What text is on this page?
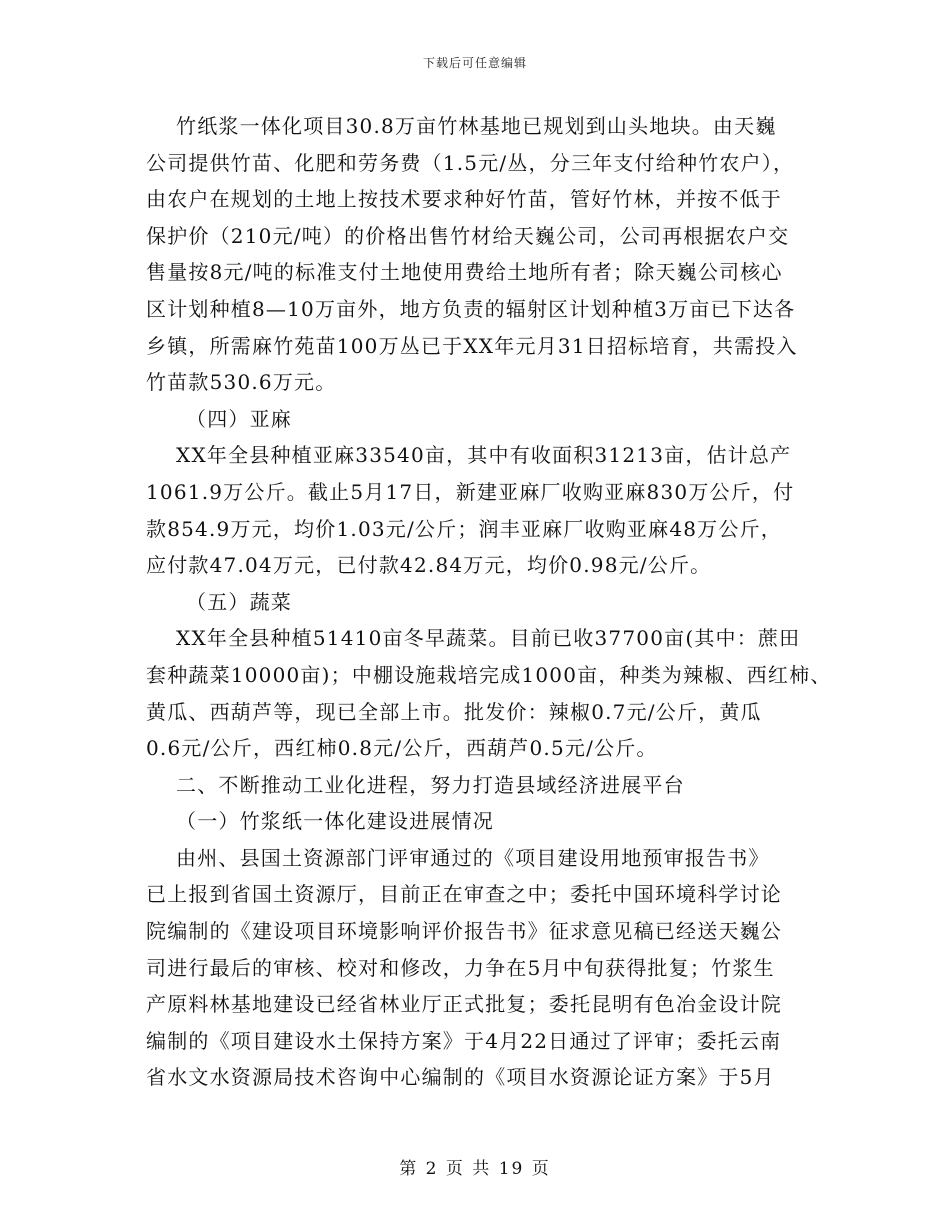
下载后可任意编辑
竹纸浆一体化项目30.8万亩竹林基地已规划到山头地块。由天巍
公司提供竹苗、化肥和劳务费（1.5元/丛，分三年支付给种竹农户），
由农户在规划的土地上按技术要求种好竹苗，管好竹林，并按不低于
保护价（210元/吨）的价格出售竹材给天巍公司，公司再根据农户交
售量按8元/吨的标准支付土地使用费给土地所有者；除天巍公司核心
区计划种植8—10万亩外，地方负责的辐射区计划种植3万亩已下达各
乡镇，所需麻竹苑苗100万丛已于XX年元月31日招标培育，共需投入
竹苗款530.6万元。
（四）亚麻
XX年全县种植亚麻33540亩，其中有收面积31213亩，估计总产
1061.9万公斤。截止5月17日，新建亚麻厂收购亚麻830万公斤，付
款854.9万元，均价1.03元/公斤；润丰亚麻厂收购亚麻48万公斤，
应付款47.04万元，已付款42.84万元，均价0.98元/公斤。
（五）蔬菜
XX年全县种植51410亩冬早蔬菜。目前已收37700亩(其中：蔗田
套种蔬菜10000亩)；中棚设施栽培完成1000亩，种类为辣椒、西红柿、
黄瓜、西葫芦等，现已全部上市。批发价：辣椒0.7元/公斤，黄瓜
0.6元/公斤，西红柿0.8元/公斤，西葫芦0.5元/公斤。
二、不断推动工业化进程，努力打造县域经济进展平台
（一）竹浆纸一体化建设进展情况
由州、县国土资源部门评审通过的《项目建设用地预审报告书》
已上报到省国土资源厅，目前正在审查之中；委托中国环境科学讨论
院编制的《建设项目环境影响评价报告书》征求意见稿已经送天巍公
司进行最后的审核、校对和修改，力争在5月中旬获得批复；竹浆生
产原料林基地建设已经省林业厅正式批复；委托昆明有色冶金设计院
编制的《项目建设水土保持方案》于4月22日通过了评审；委托云南
省水文水资源局技术咨询中心编制的《项目水资源论证方案》于5月
第 2 页 共 19 页
